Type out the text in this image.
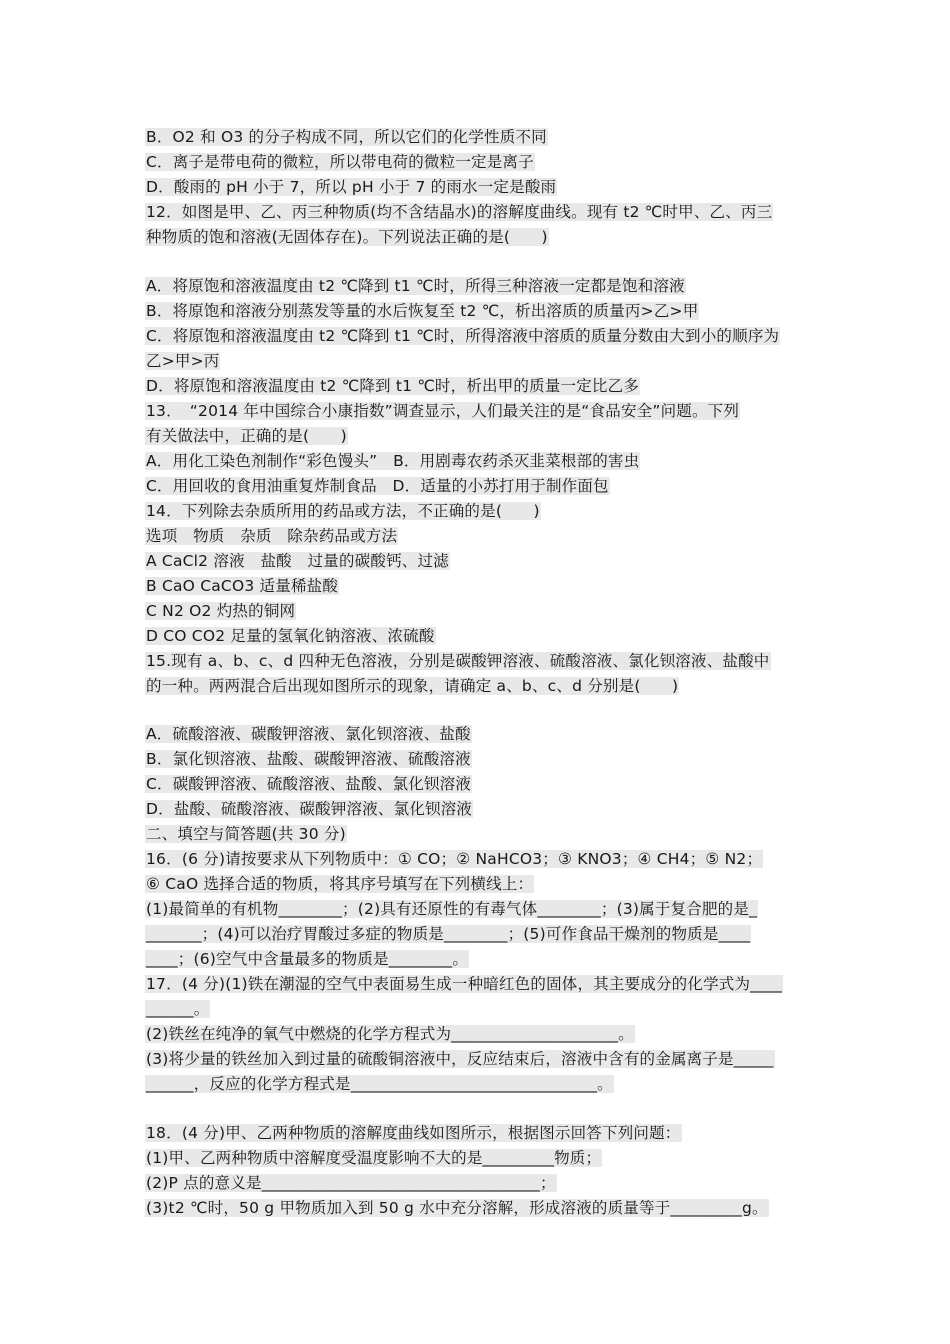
B．O2 和 O3 的分子构成不同，所以它们的化学性质不同
C．离子是带电荷的微粒，所以带电荷的微粒一定是离子
D．酸雨的 pH 小于 7，所以 pH 小于 7 的雨水一定是酸雨
12．如图是甲、乙、丙三种物质(均不含结晶水)的溶解度曲线。现有 t2 ℃时甲、乙、丙三
种物质的饱和溶液(无固体存在)。下列说法正确的是(　　)
A．将原饱和溶液温度由 t2 ℃降到 t1 ℃时，所得三种溶液一定都是饱和溶液
B．将原饱和溶液分别蒸发等量的水后恢复至 t2 ℃，析出溶质的质量丙>乙>甲
C．将原饱和溶液温度由 t2 ℃降到 t1 ℃时，所得溶液中溶质的质量分数由大到小的顺序为
乙>甲>丙
D．将原饱和溶液温度由 t2 ℃降到 t1 ℃时，析出甲的质量一定比乙多
13．　“2014 年中国综合小康指数”调查显示，人们最关注的是“食品安全”问题。下列
有关做法中，正确的是(　　)
A．用化工染色剂制作“彩色馒头”　B．用剧毒农药杀灭韭菜根部的害虫
C．用回收的食用油重复炸制食品　D．适量的小苏打用于制作面包
14．下列除去杂质所用的药品或方法，不正确的是(　　)
选项　物质　杂质　除杂药品或方法
A CaCl2 溶液　盐酸　过量的碳酸钙、过滤
B CaO CaCO3 适量稀盐酸
C N2 O2 灼热的铜网
D CO CO2 足量的氢氧化钠溶液、浓硫酸
15.现有 a、b、c、d 四种无色溶液，分别是碳酸钾溶液、硫酸溶液、氯化钡溶液、盐酸中
的一种。两两混合后出现如图所示的现象，请确定 a、b、c、d 分别是(　　)
A．硫酸溶液、碳酸钾溶液、氯化钡溶液、盐酸
B．氯化钡溶液、盐酸、碳酸钾溶液、硫酸溶液
C．碳酸钾溶液、硫酸溶液、盐酸、氯化钡溶液
D．盐酸、硫酸溶液、碳酸钾溶液、氯化钡溶液
二、填空与简答题(共 30 分)
16．(6 分)请按要求从下列物质中：① CO；② NaHCO3；③ KNO3；④ CH4；⑤ N2；
⑥ CaO 选择合适的物质，将其序号填写在下列横线上：
(1)最简单的有机物________；(2)具有还原性的有毒气体________；(3)属于复合肥的是_
_______；(4)可以治疗胃酸过多症的物质是________；(5)可作食品干燥剂的物质是____
____；(6)空气中含量最多的物质是________。
17．(4 分)(1)铁在潮湿的空气中表面易生成一种暗红色的固体，其主要成分的化学式为____
______。
(2)铁丝在纯净的氧气中燃烧的化学方程式为_____________________。
(3)将少量的铁丝加入到过量的硫酸铜溶液中，反应结束后，溶液中含有的金属离子是_____
______，反应的化学方程式是_______________________________。
18．(4 分)甲、乙两种物质的溶解度曲线如图所示，根据图示回答下列问题：
(1)甲、乙两种物质中溶解度受温度影响不大的是_________物质；
(2)P 点的意义是___________________________________；
(3)t2 ℃时，50 g 甲物质加入到 50 g 水中充分溶解，形成溶液的质量等于_________g。
